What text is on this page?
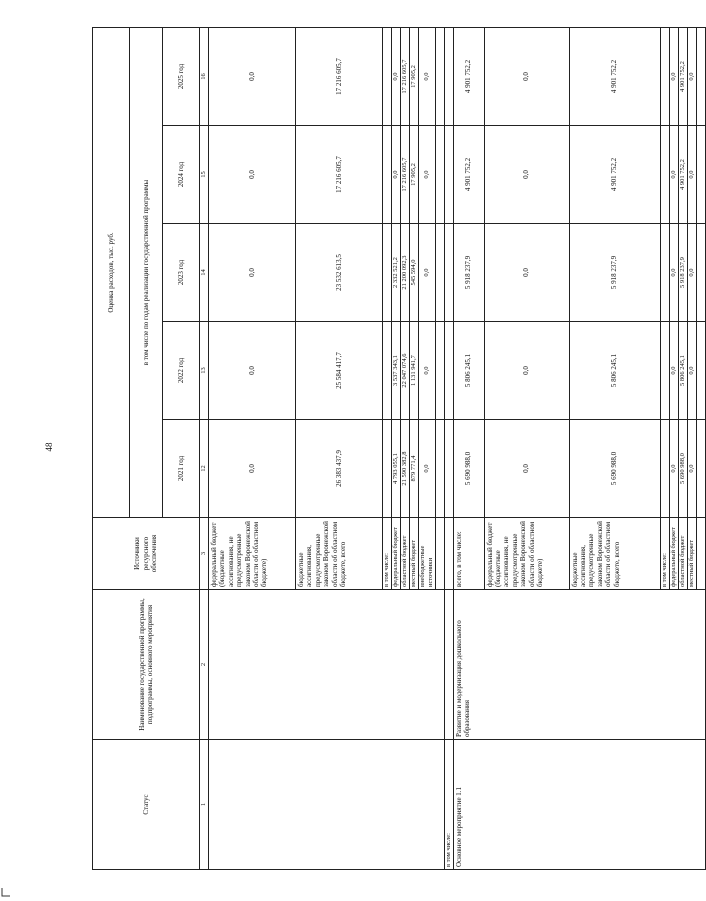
48
Статус	Наименование государственной программы, подпрограммы, основного мероприятия	Источники ресурсного обеспечения	Оценка расходов, тыс. руб.				
			в том числе по годам реализации государственной программы				
			2021 год	2022 год	2023 год	2024 год	2025 год
1	2	3	12	13	14	15	16
		федеральный бюджет (бюджетные ассигнования, не предусмотренные законом Воронежской области об областном бюджете)	0,0	0,0	0,0	0,0	0,0
		бюджетные ассигнования, предусмотренные законом Воронежской области об областном бюджете, всего	26 383 437,9	25 584 417,7	23 532 613,5	17 216 605,7	17 216 605,7
		в том числе:					
		федеральный бюджет	4 793 055,1	3 537 343,1	2 332 521,2	0,0	0,0
		областной бюджет	21 590 382,8	22 047 074,6	21 200 092,3	17 216 605,7	17 216 605,7
		местный бюджет	879 771,4	1 131 941,7	545 594,0	17 905,2	17 905,2
		внебюджетные источники	0,0	0,0	0,0	0,0	0,0

в том числе:							
Основное мероприятие 1.1	Развитие и модернизация дошкольного образования	всего, в том числе:	5 690 988,0	5 806 245,1	5 918 237,9	4 901 752,2	4 901 752,2
		федеральный бюджет (бюджетные ассигнования, не предусмотренные законом Воронежской области об областном бюджете)	0,0	0,0	0,0	0,0	0,0
		бюджетные ассигнования, предусмотренные законом Воронежской области об областном бюджете, всего	5 690 988,0	5 806 245,1	5 918 237,9	4 901 752,2	4 901 752,2
		в том числе:					
		федеральный бюджет	0,0	0,0	0,0	0,0	0,0
		областной бюджет	5 690 988,0	5 806 245,1	5 918 237,9	4 901 752,2	4 901 752,2
		местный бюджет	0,0	0,0	0,0	0,0	0,0
